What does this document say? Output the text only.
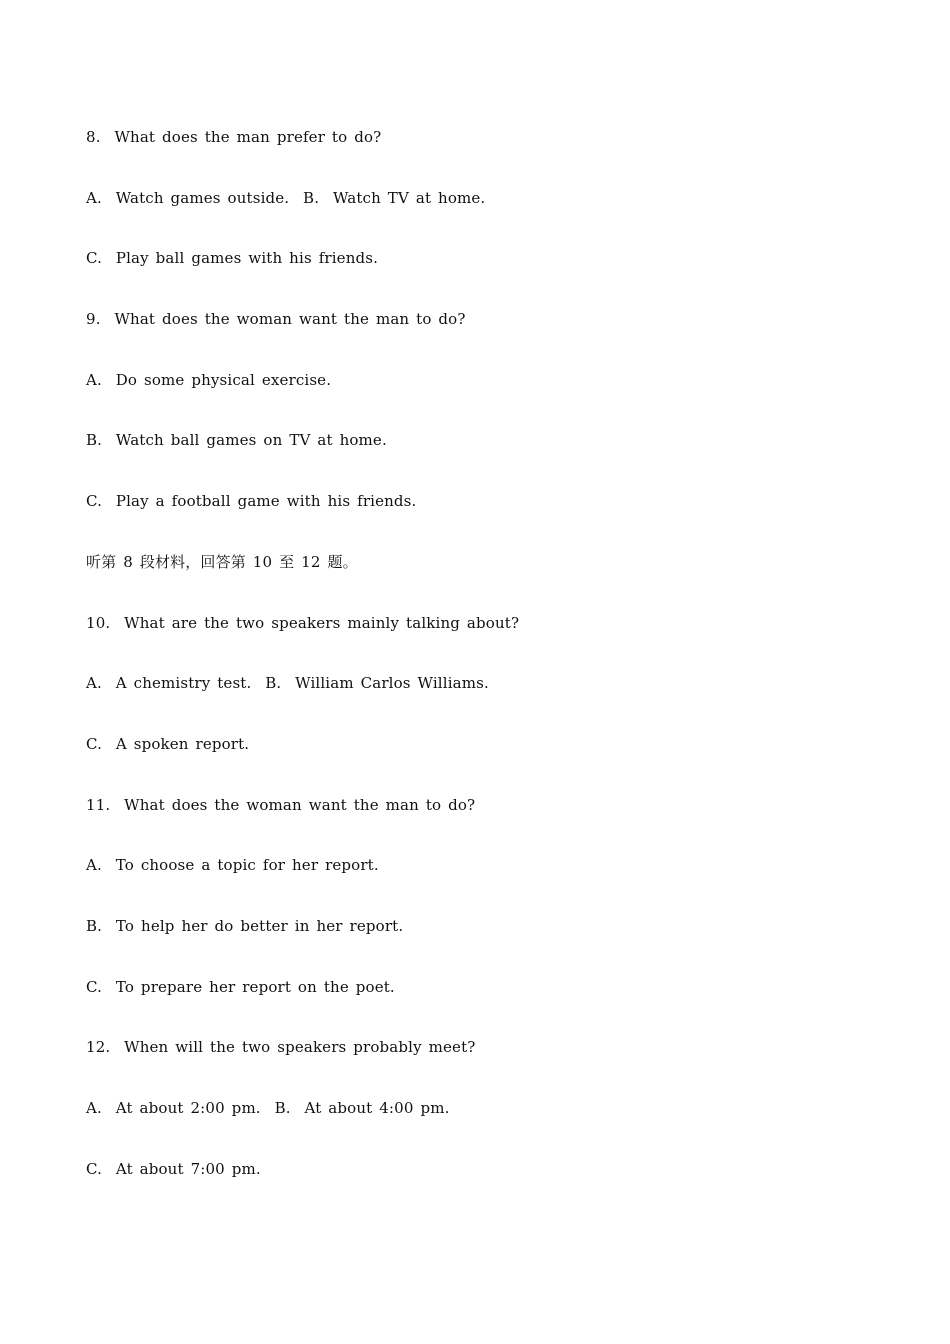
8.  What does the man prefer to do?
A.  Watch games outside.  B.  Watch TV at home.
C.  Play ball games with his friends.
9.  What does the woman want the man to do?
A.  Do some physical exercise.
B.  Watch ball games on TV at home.
C.  Play a football game with his friends.
听第 8 段材料，回答第 10 至 12 题。
10.  What are the two speakers mainly talking about?
A.  A chemistry test.  B.  William Carlos Williams.
C.  A spoken report.
11.  What does the woman want the man to do?
A.  To choose a topic for her report.
B.  To help her do better in her report.
C.  To prepare her report on the poet.
12.  When will the two speakers probably meet?
A.  At about 2:00 pm.  B.  At about 4:00 pm.
C.  At about 7:00 pm.
